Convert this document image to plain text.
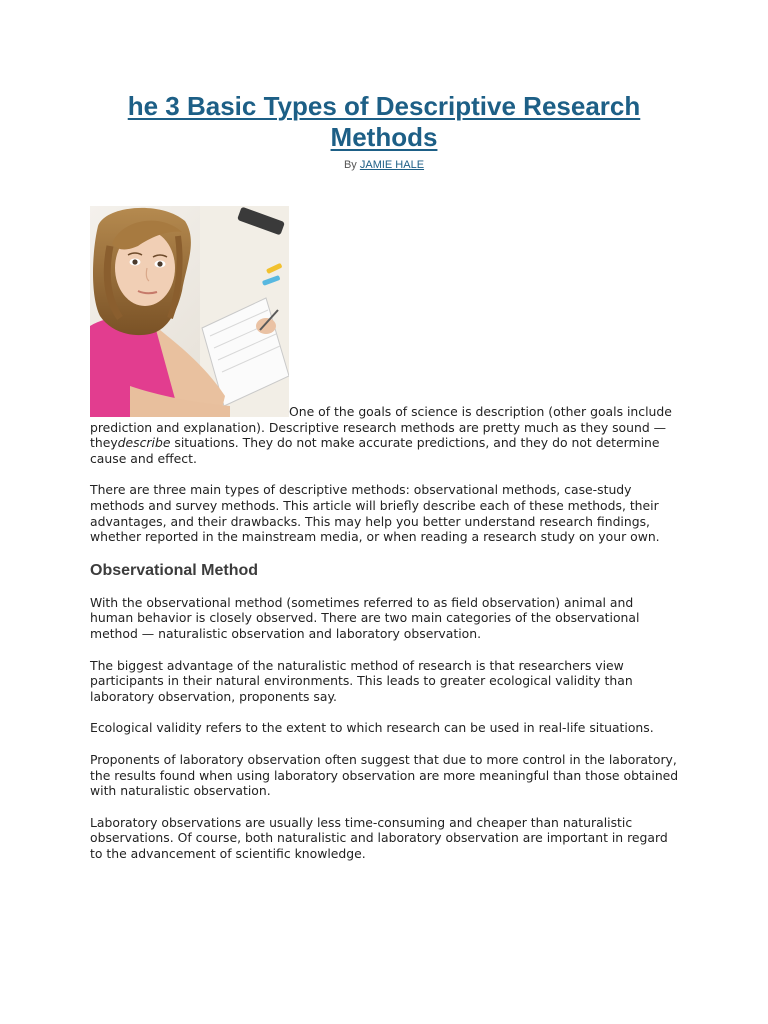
he 3 Basic Types of Descriptive Research Methods
By JAMIE HALE

One of the goals of science is description (other goals include prediction and explanation). Descriptive research methods are pretty much as they sound — theydescribe situations. They do not make accurate predictions, and they do not determine cause and effect.

There are three main types of descriptive methods: observational methods, case-study methods and survey methods. This article will briefly describe each of these methods, their advantages, and their drawbacks. This may help you better understand research findings, whether reported in the mainstream media, or when reading a research study on your own.

Observational Method

With the observational method (sometimes referred to as field observation) animal and human behavior is closely observed. There are two main categories of the observational method — naturalistic observation and laboratory observation.

The biggest advantage of the naturalistic method of research is that researchers view participants in their natural environments. This leads to greater ecological validity than laboratory observation, proponents say.

Ecological validity refers to the extent to which research can be used in real-life situations.

Proponents of laboratory observation often suggest that due to more control in the laboratory, the results found when using laboratory observation are more meaningful than those obtained with naturalistic observation.

Laboratory observations are usually less time-consuming and cheaper than naturalistic observations. Of course, both naturalistic and laboratory observation are important in regard to the advancement of scientific knowledge.
